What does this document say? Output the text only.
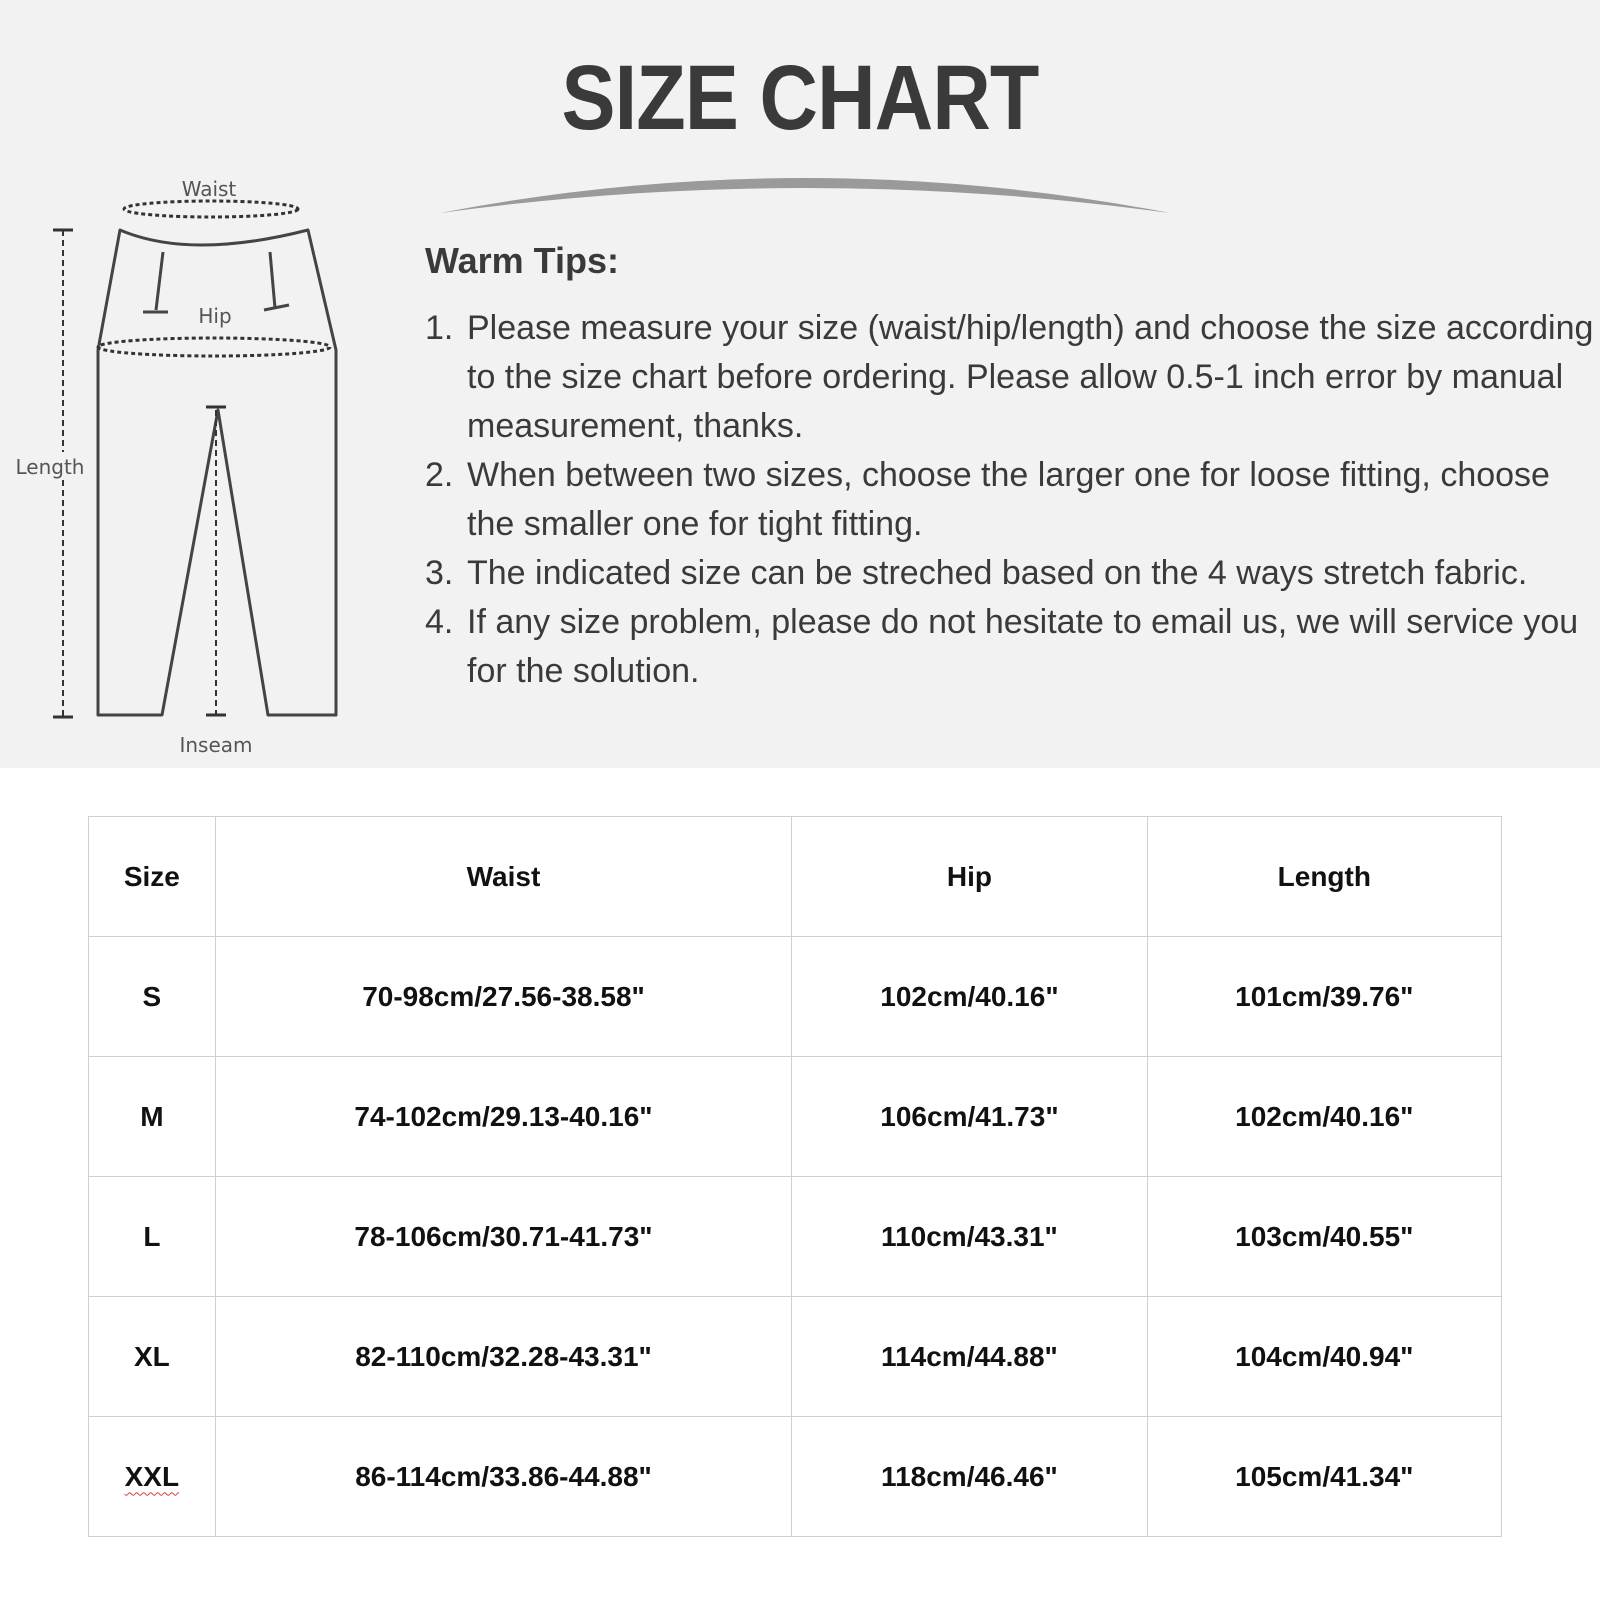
SIZE CHART
Waist
Hip
Length
Inseam
Warm Tips:
1. Please measure your size (waist/hip/length) and choose the size according to the size chart before ordering. Please allow 0.5-1 inch error by manual measurement, thanks.
2. When between two sizes, choose the larger one for loose fitting, choose the smaller one for tight fitting.
3. The indicated size can be streched based on the 4 ways stretch fabric.
4. If any size problem, please do not hesitate to email us, we will service you for the solution.
Size	Waist	Hip	Length
S	70-98cm/27.56-38.58"	102cm/40.16"	101cm/39.76"
M	74-102cm/29.13-40.16"	106cm/41.73"	102cm/40.16"
L	78-106cm/30.71-41.73"	110cm/43.31"	103cm/40.55"
XL	82-110cm/32.28-43.31"	114cm/44.88"	104cm/40.94"
XXL	86-114cm/33.86-44.88"	118cm/46.46"	105cm/41.34"
